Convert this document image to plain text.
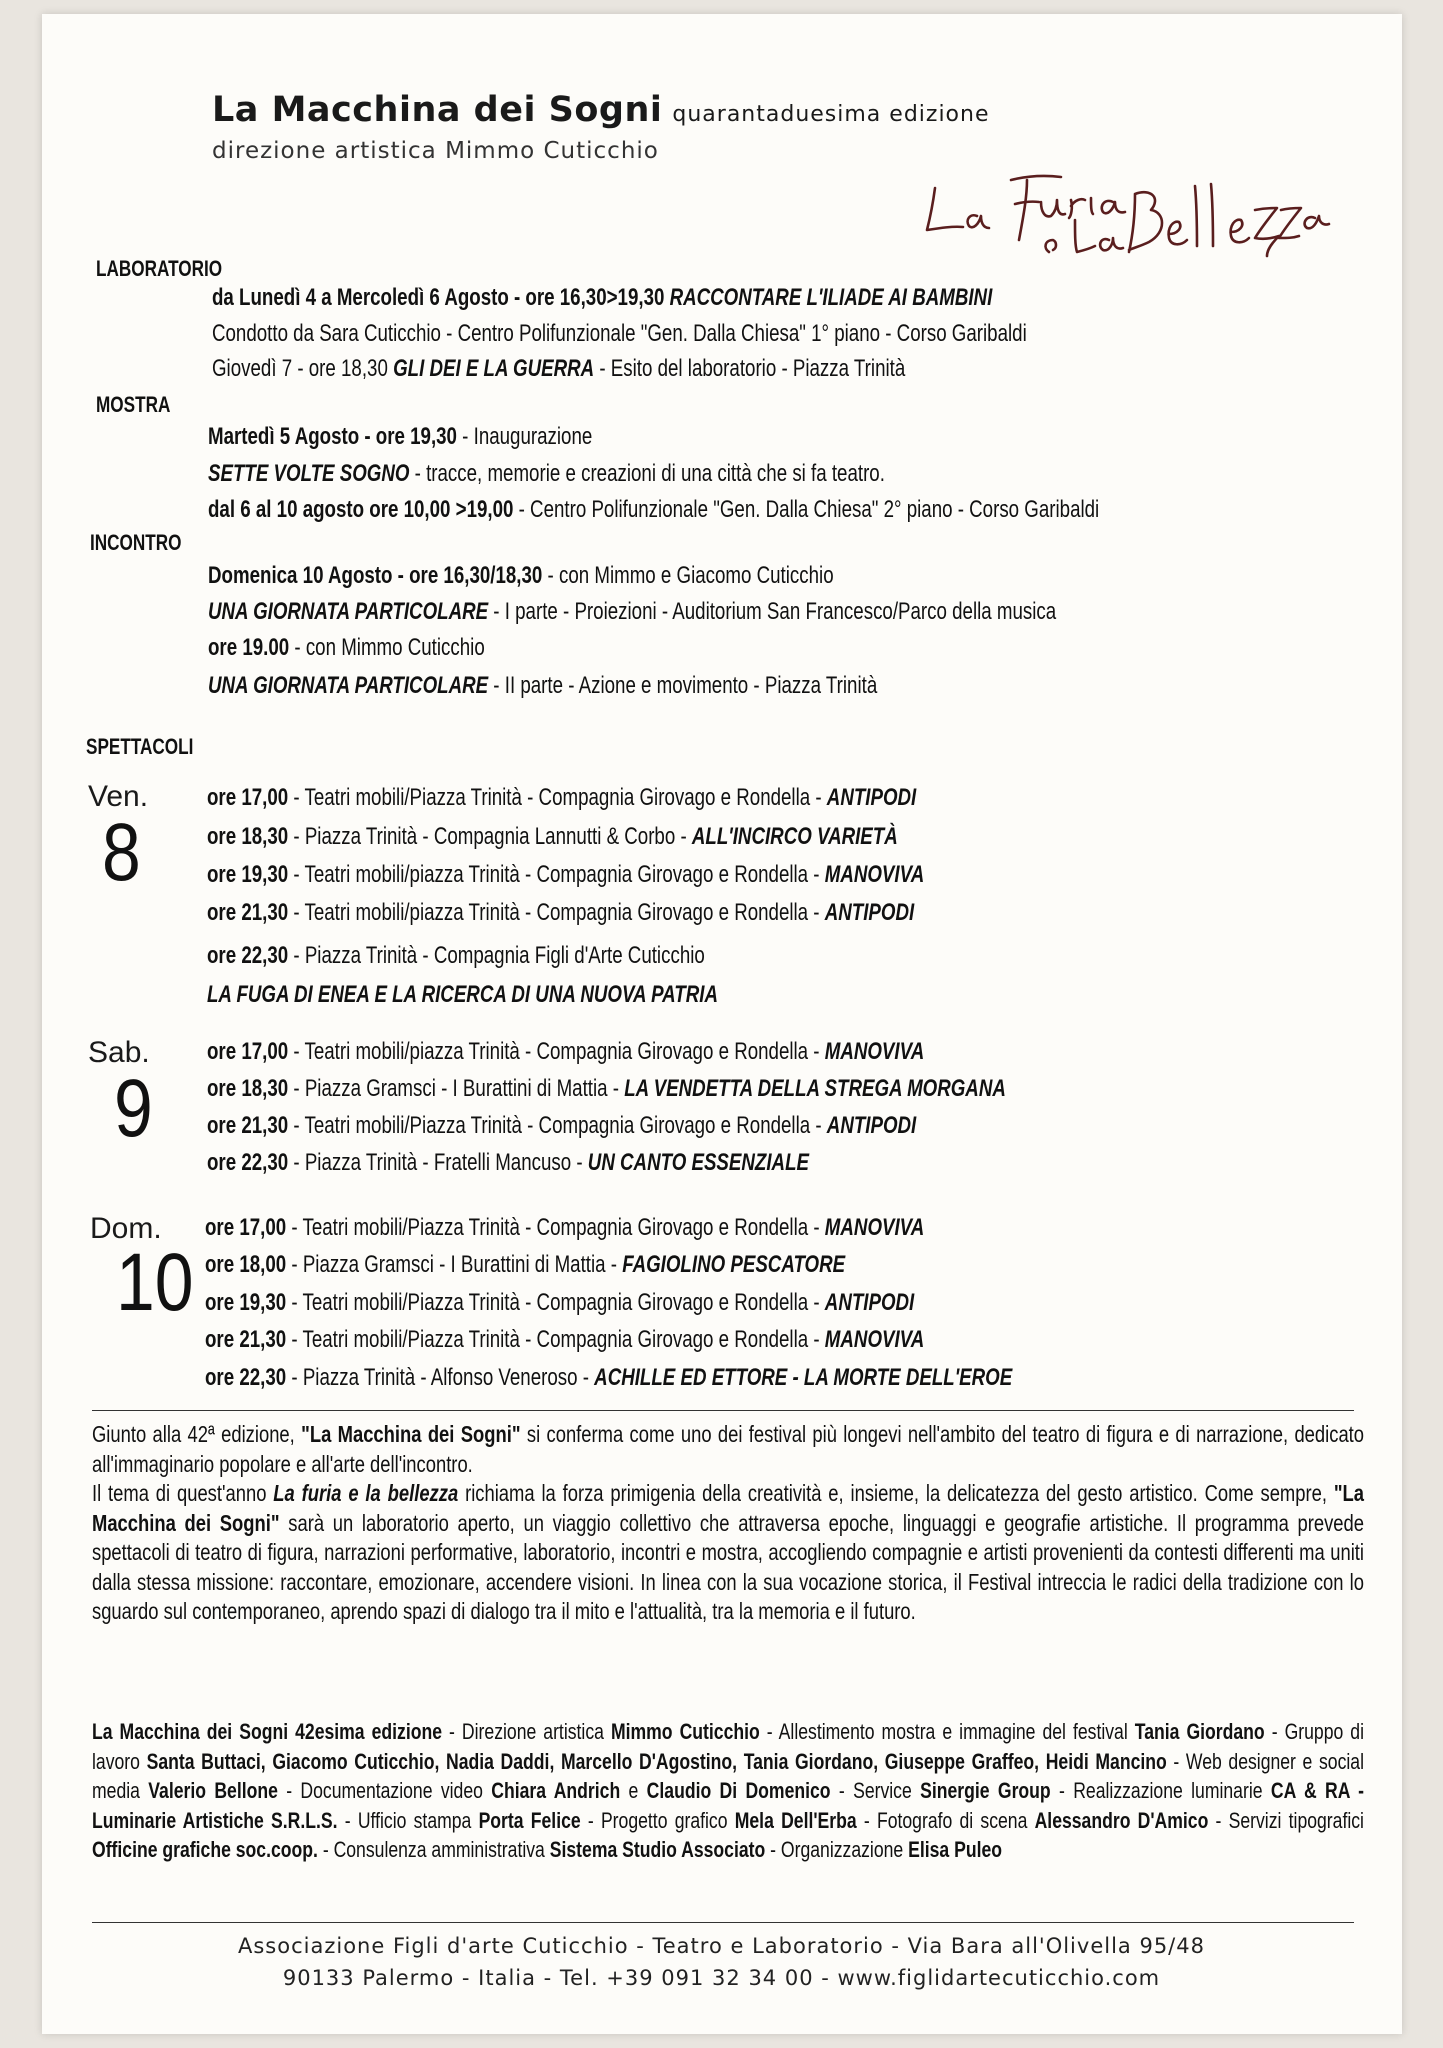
La Macchina dei Sogni quarantaduesima edizione
direzione artistica Mimmo Cuticchio
LABORATORIO
da Lunedì 4 a Mercoledì 6 Agosto - ore 16,30>19,30 RACCONTARE L'ILIADE AI BAMBINI
Condotto da Sara Cuticchio - Centro Polifunzionale "Gen. Dalla Chiesa" 1° piano - Corso Garibaldi
Giovedì 7 - ore 18,30 GLI DEI E LA GUERRA - Esito del laboratorio - Piazza Trinità
MOSTRA
Martedì 5 Agosto - ore 19,30 - Inaugurazione
SETTE VOLTE SOGNO - tracce, memorie e creazioni di una città che si fa teatro.
dal 6 al 10 agosto ore 10,00 >19,00 - Centro Polifunzionale "Gen. Dalla Chiesa" 2° piano - Corso Garibaldi
INCONTRO
Domenica 10 Agosto - ore 16,30/18,30 - con Mimmo e Giacomo Cuticchio
UNA GIORNATA PARTICOLARE - I parte - Proiezioni - Auditorium San Francesco/Parco della musica
ore 19.00 - con Mimmo Cuticchio
UNA GIORNATA PARTICOLARE - II parte - Azione e movimento - Piazza Trinità
SPETTACOLI
Ven.
8
ore 17,00 - Teatri mobili/Piazza Trinità - Compagnia Girovago e Rondella - ANTIPODI
ore 18,30 - Piazza Trinità - Compagnia Lannutti & Corbo - ALL'INCIRCO VARIETÀ
ore 19,30 - Teatri mobili/piazza Trinità - Compagnia Girovago e Rondella - MANOVIVA
ore 21,30 - Teatri mobili/piazza Trinità - Compagnia Girovago e Rondella - ANTIPODI
ore 22,30 - Piazza Trinità - Compagnia Figli d'Arte Cuticchio
LA FUGA DI ENEA E LA RICERCA DI UNA NUOVA PATRIA
Sab.
9
ore 17,00 - Teatri mobili/piazza Trinità - Compagnia Girovago e Rondella - MANOVIVA
ore 18,30 - Piazza Gramsci - I Burattini di Mattia - LA VENDETTA DELLA STREGA MORGANA
ore 21,30 - Teatri mobili/Piazza Trinità - Compagnia Girovago e Rondella - ANTIPODI
ore 22,30 - Piazza Trinità - Fratelli Mancuso - UN CANTO ESSENZIALE
Dom.
10
ore 17,00 - Teatri mobili/Piazza Trinità - Compagnia Girovago e Rondella - MANOVIVA
ore 18,00 - Piazza Gramsci - I Burattini di Mattia - FAGIOLINO PESCATORE
ore 19,30 - Teatri mobili/Piazza Trinità - Compagnia Girovago e Rondella - ANTIPODI
ore 21,30 - Teatri mobili/Piazza Trinità - Compagnia Girovago e Rondella - MANOVIVA
ore 22,30 - Piazza Trinità - Alfonso Veneroso - ACHILLE ED ETTORE - LA MORTE DELL'EROE

Giunto alla 42ª edizione, "La Macchina dei Sogni" si conferma come uno dei festival più longevi nell'ambito del teatro di figura e di narrazione, dedicato all'immaginario popolare e all'arte dell'incontro.

Il tema di quest'anno La furia e la bellezza richiama la forza primigenia della creatività e, insieme, la delicatezza del gesto artistico. Come sempre, "La Macchina dei Sogni" sarà un laboratorio aperto, un viaggio collettivo che attraversa epoche, linguaggi e geografie artistiche. Il programma prevede spettacoli di teatro di figura, narrazioni performative, laboratorio, incontri e mostra, accogliendo compagnie e artisti provenienti da contesti differenti ma uniti dalla stessa missione: raccontare, emozionare, accendere visioni. In linea con la sua vocazione storica, il Festival intreccia le radici della tradizione con lo sguardo sul contemporaneo, aprendo spazi di dialogo tra il mito e l'attualità, tra la memoria e il futuro.

La Macchina dei Sogni 42esima edizione - Direzione artistica Mimmo Cuticchio - Allestimento mostra e immagine del festival Tania Giordano - Gruppo di lavoro Santa Buttaci, Giacomo Cuticchio, Nadia Daddi, Marcello D'Agostino, Tania Giordano, Giuseppe Graffeo, Heidi Mancino - Web designer e social media Valerio Bellone - Documentazione video Chiara Andrich e Claudio Di Domenico - Service Sinergie Group - Realizzazione luminarie CA & RA - Luminarie Artistiche S.R.L.S. - Ufficio stampa Porta Felice - Progetto grafico Mela Dell'Erba - Fotografo di scena Alessandro D'Amico - Servizi tipografici Officine grafiche soc.coop. - Consulenza amministrativa Sistema Studio Associato - Organizzazione Elisa Puleo
Associazione Figli d'arte Cuticchio - Teatro e Laboratorio - Via Bara all'Olivella 95/48
90133 Palermo - Italia - Tel. +39 091 32 34 00 - www.figlidartecuticchio.com
